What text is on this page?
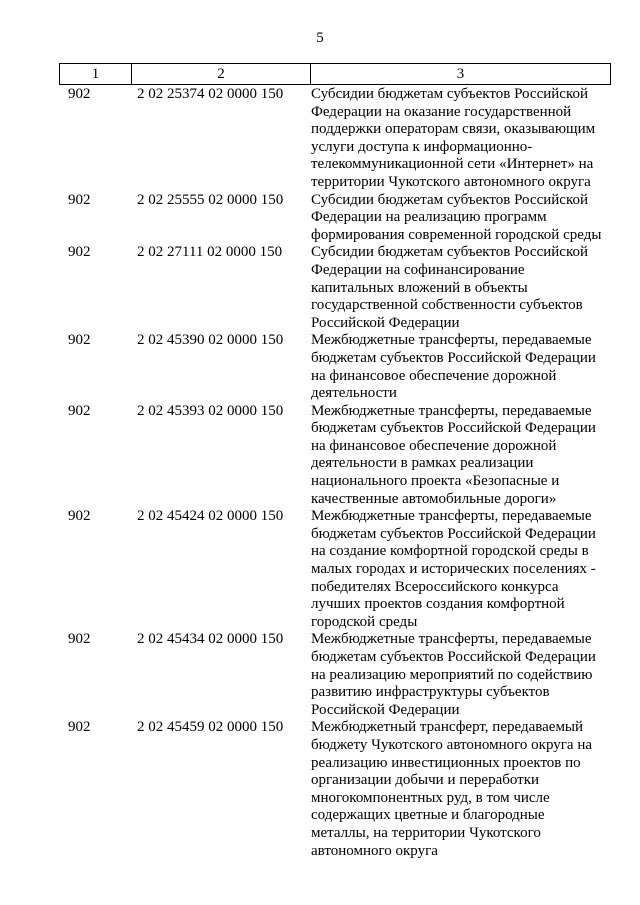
5
1	2	3
902	2 02 25374 02 0000 150	Субсидии бюджетам субъектов Российской
Федерации на оказание государственной
поддержки операторам связи, оказывающим
услуги доступа к информационно-
телекоммуникационной сети «Интернет» на
территории Чукотского автономного округа
902	2 02 25555 02 0000 150	Субсидии бюджетам субъектов Российской
Федерации на реализацию программ
формирования современной городской среды
902	2 02 27111 02 0000 150	Субсидии бюджетам субъектов Российской
Федерации на софинансирование
капитальных вложений в объекты
государственной собственности субъектов
Российской Федерации
902	2 02 45390 02 0000 150	Межбюджетные трансферты, передаваемые
бюджетам субъектов Российской Федерации
на финансовое обеспечение дорожной
деятельности
902	2 02 45393 02 0000 150	Межбюджетные трансферты, передаваемые
бюджетам субъектов Российской Федерации
на финансовое обеспечение дорожной
деятельности в рамках реализации
национального проекта «Безопасные и
качественные автомобильные дороги»
902	2 02 45424 02 0000 150	Межбюджетные трансферты, передаваемые
бюджетам субъектов Российской Федерации
на создание комфортной городской среды в
малых городах и исторических поселениях -
победителях Всероссийского конкурса
лучших проектов создания комфортной
городской среды
902	2 02 45434 02 0000 150	Межбюджетные трансферты, передаваемые
бюджетам субъектов Российской Федерации
на реализацию мероприятий по содействию
развитию инфраструктуры субъектов
Российской Федерации
902	2 02 45459 02 0000 150	Межбюджетный трансферт, передаваемый
бюджету Чукотского автономного округа на
реализацию инвестиционных проектов по
организации добычи и переработки
многокомпонентных руд, в том числе
содержащих цветные и благородные
металлы, на территории Чукотского
автономного округа
